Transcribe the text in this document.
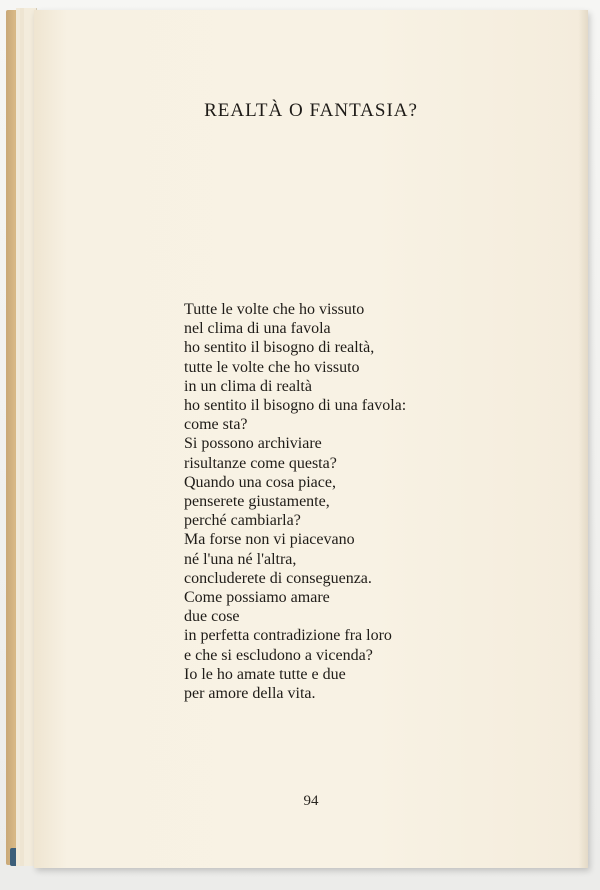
REALTÀ O FANTASIA?
Tutte le volte che ho vissuto
nel clima di una favola
ho sentito il bisogno di realtà,
tutte le volte che ho vissuto
in un clima di realtà
ho sentito il bisogno di una favola:
come sta?
Si possono archiviare
risultanze come questa?
Quando una cosa piace,
penserete giustamente,
perché cambiarla?
Ma forse non vi piacevano
né l'una né l'altra,
concluderete di conseguenza.
Come possiamo amare
due cose
in perfetta contradizione fra loro
e che si escludono a vicenda?
Io le ho amate tutte e due
per amore della vita.
94
